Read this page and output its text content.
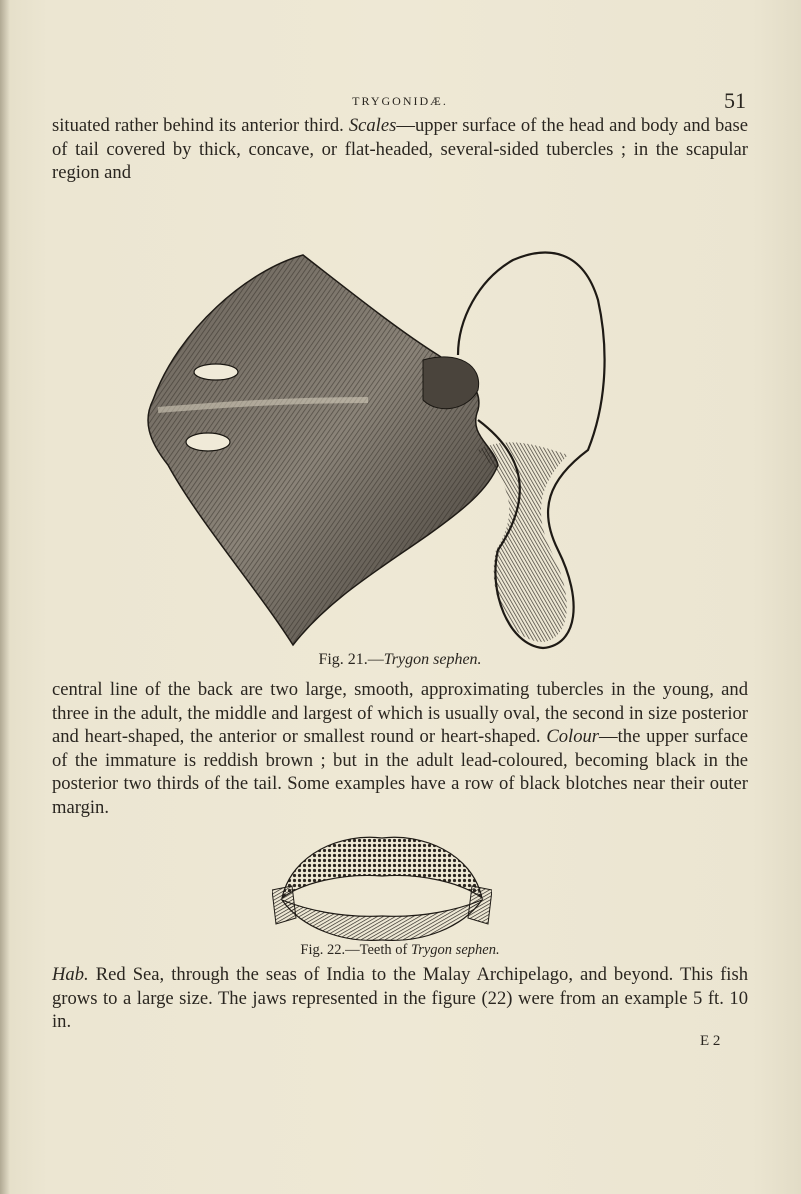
TRYGONIDÆ.	51

situated rather behind its anterior third. Scales—upper surface of the head and body and base of tail covered by thick, concave, or flat-headed, several-sided tubercles ; in the scapular region and

Fig. 21.—Trygon sephen.

central line of the back are two large, smooth, approximating tubercles in the young, and three in the adult, the middle and largest of which is usually oval, the second in size posterior and heart-shaped, the anterior or smallest round or heart-shaped. Colour—the upper surface of the immature is reddish brown ; but in the adult lead-coloured, becoming black in the posterior two thirds of the tail. Some examples have a row of black blotches near their outer margin.

Fig. 22.—Teeth of Trygon sephen.

Hab. Red Sea, through the seas of India to the Malay Archipelago, and beyond. This fish grows to a large size. The jaws represented in the figure (22) were from an example 5 ft. 10 in.

E 2
